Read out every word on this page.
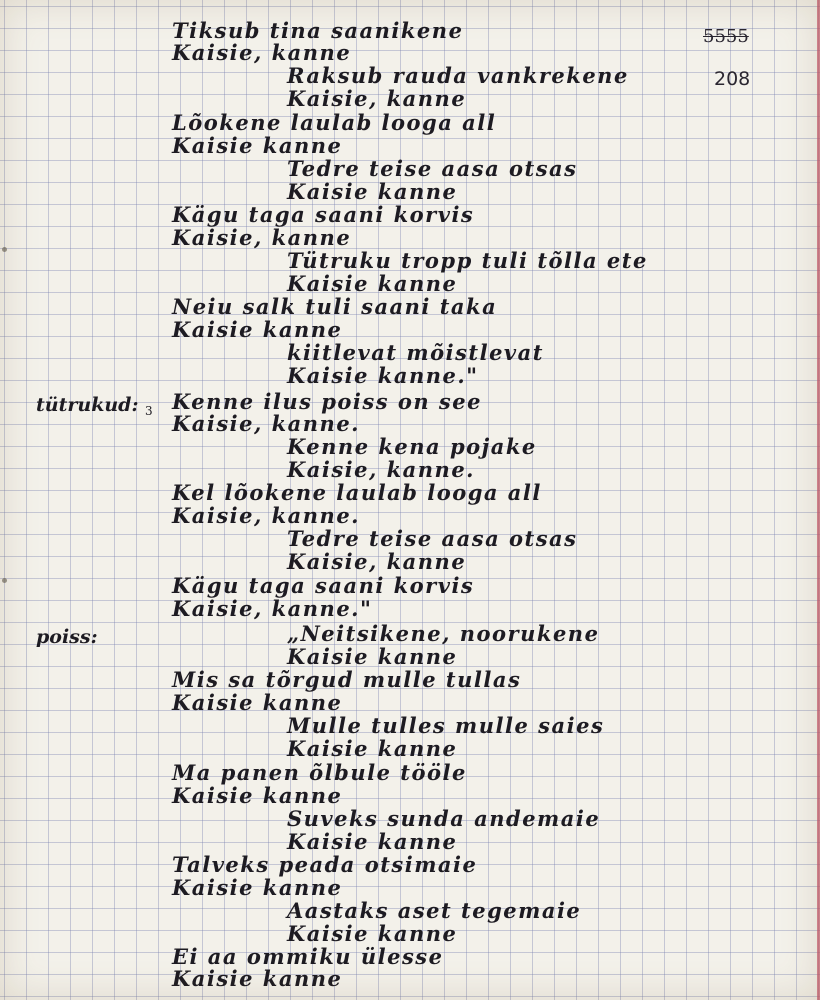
5555
208
tütrukud: 3
poiss:

Tiksub tina saanikene

Kaisie, kanne

Raksub rauda vankrekene

Kaisie, kanne

Lõokene laulab looga all

Kaisie kanne

Tedre teise aasa otsas

Kaisie kanne

Kägu taga saani korvis

Kaisie, kanne

Tütruku tropp tuli tõlla ete

Kaisie kanne

Neiu salk tuli saani taka

Kaisie kanne

kiitlevat mõistlevat

Kaisie kanne."

Kenne ilus poiss on see

Kaisie, kanne.

Kenne kena pojake

Kaisie, kanne.

Kel lõokene laulab looga all

Kaisie, kanne.

Tedre teise aasa otsas

Kaisie, kanne

Kägu taga saani korvis

Kaisie, kanne."

„Neitsikene, noorukene

Kaisie kanne

Mis sa tõrgud mulle tullas

Kaisie kanne

Mulle tulles mulle saies

Kaisie kanne

Ma panen õlbule tööle

Kaisie kanne

Suveks sunda andemaie

Kaisie kanne

Talveks peada otsimaie

Kaisie kanne

Aastaks aset tegemaie

Kaisie kanne

Ei aa ommiku ülesse

Kaisie kanne
